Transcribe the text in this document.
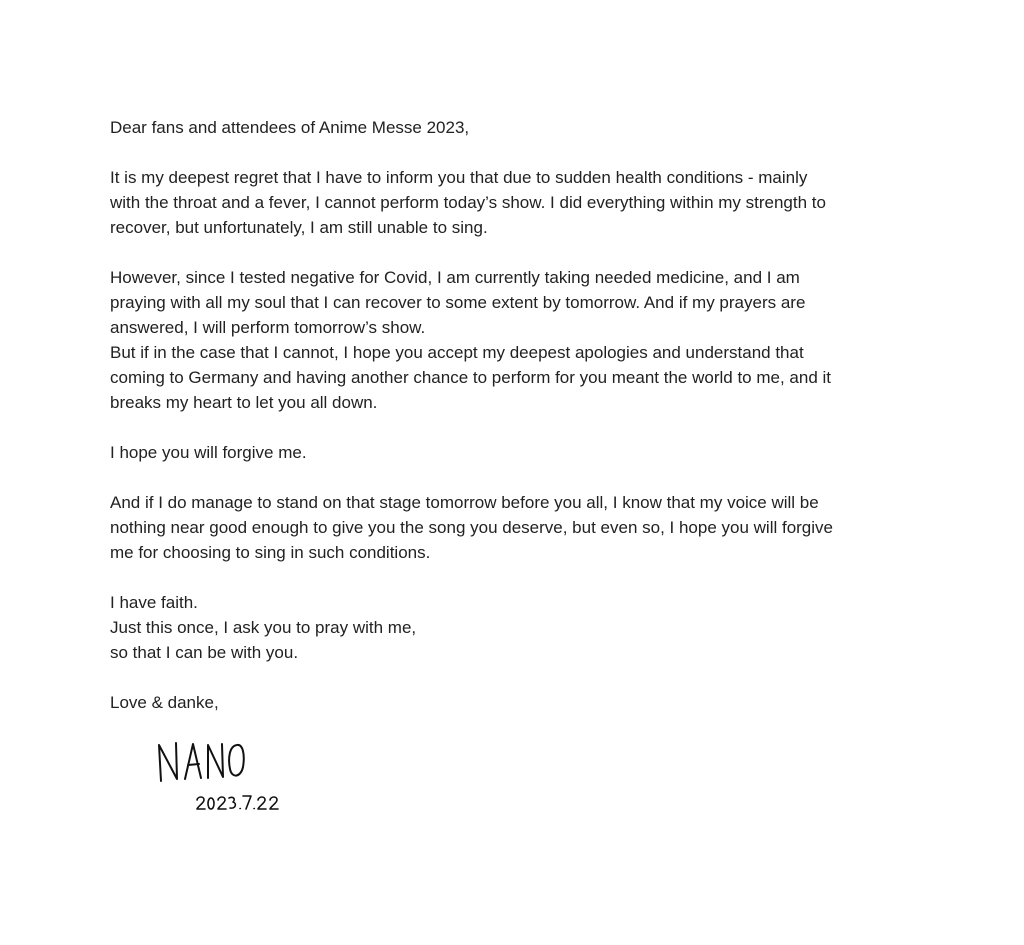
Dear fans and attendees of Anime Messe 2023,

It is my deepest regret that I have to inform you that due to sudden health conditions - mainly
with the throat and a fever, I cannot perform today’s show. I did everything within my strength to
recover, but unfortunately, I am still unable to sing.

However, since I tested negative for Covid, I am currently taking needed medicine, and I am
praying with all my soul that I can recover to some extent by tomorrow. And if my prayers are
answered, I will perform tomorrow’s show.
But if in the case that I cannot, I hope you accept my deepest apologies and understand that
coming to Germany and having another chance to perform for you meant the world to me, and it
breaks my heart to let you all down.

I hope you will forgive me.

And if I do manage to stand on that stage tomorrow before you all, I know that my voice will be
nothing near good enough to give you the song you deserve, but even so, I hope you will forgive
me for choosing to sing in such conditions.

I have faith.
Just this once, I ask you to pray with me,
so that I can be with you.

Love & danke,
